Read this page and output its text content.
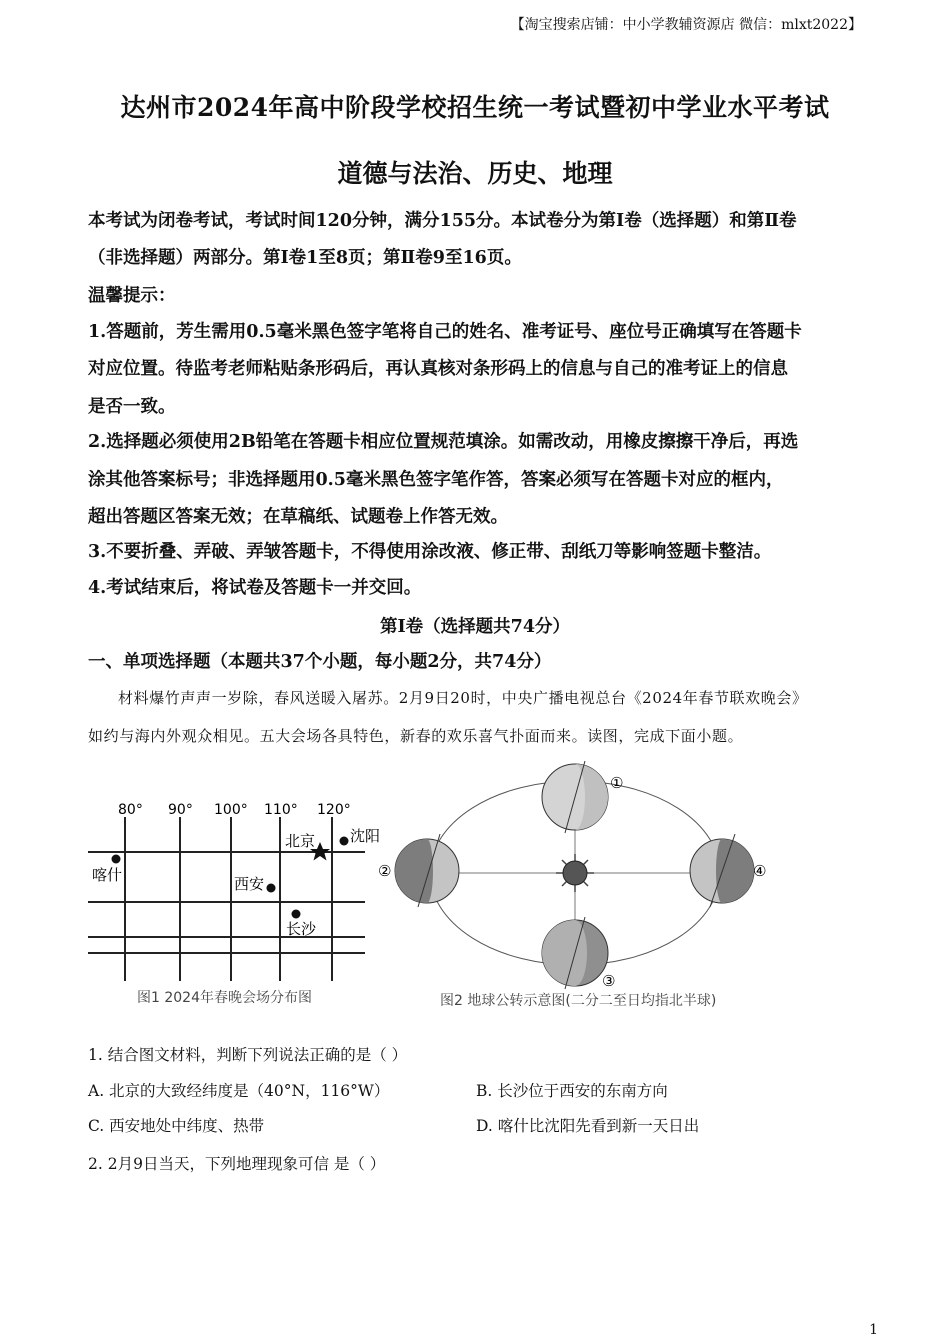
【淘宝搜索店铺：中小学教辅资源店 微信：mlxt2022】
达州市2024年高中阶段学校招生统一考试暨初中学业水平考试
道德与法治、历史、地理
本考试为闭卷考试，考试时间120分钟，满分155分。本试卷分为第I卷（选择题）和第Ⅱ卷
（非选择题）两部分。第I卷1至8页；第Ⅱ卷9至16页。
温馨提示：
1.答题前，芳生需用0.5毫米黑色签字笔将自己的姓名、准考证号、座位号正确填写在答题卡
对应位置。待监考老师粘贴条形码后，再认真核对条形码上的信息与自己的准考证上的信息
是否一致。
2.选择题必须使用2B铅笔在答题卡相应位置规范填涂。如需改动，用橡皮擦擦干净后，再选
涂其他答案标号；非选择题用0.5毫米黑色签字笔作答，答案必须写在答题卡对应的框内，
超出答题区答案无效；在草稿纸、试题卷上作答无效。
3.不要折叠、弄破、弄皱答题卡，不得使用涂改液、修正带、刮纸刀等影响签题卡整洁。
4.考试结束后，将试卷及答题卡一并交回。
第I卷（选择题共74分）
一、单项选择题（本题共37个小题，每小题2分，共74分）
材料爆竹声声一岁除，春风送暖入屠苏。2月9日20时，中央广播电视总台《2024年春节联欢晚会》
如约与海内外观众相见。五大会场各具特色，新春的欢乐喜气扑面而来。读图，完成下面小题。
80° 90° 100° 110° 120°
喀什
北京 沈阳
西安
长沙
图1 2024年春晚会场分布图
①
②
③
④
图2 地球公转示意图(二分二至日均指北半球)
1. 结合图文材料，判断下列说法正确的是（ ）
A. 北京的大致经纬度是（40°N，116°W）	B. 长沙位于西安的东南方向
C. 西安地处中纬度、热带	D. 喀什比沈阳先看到新一天日出
2. 2月9日当天，下列地理现象可信 是（ ）
1
